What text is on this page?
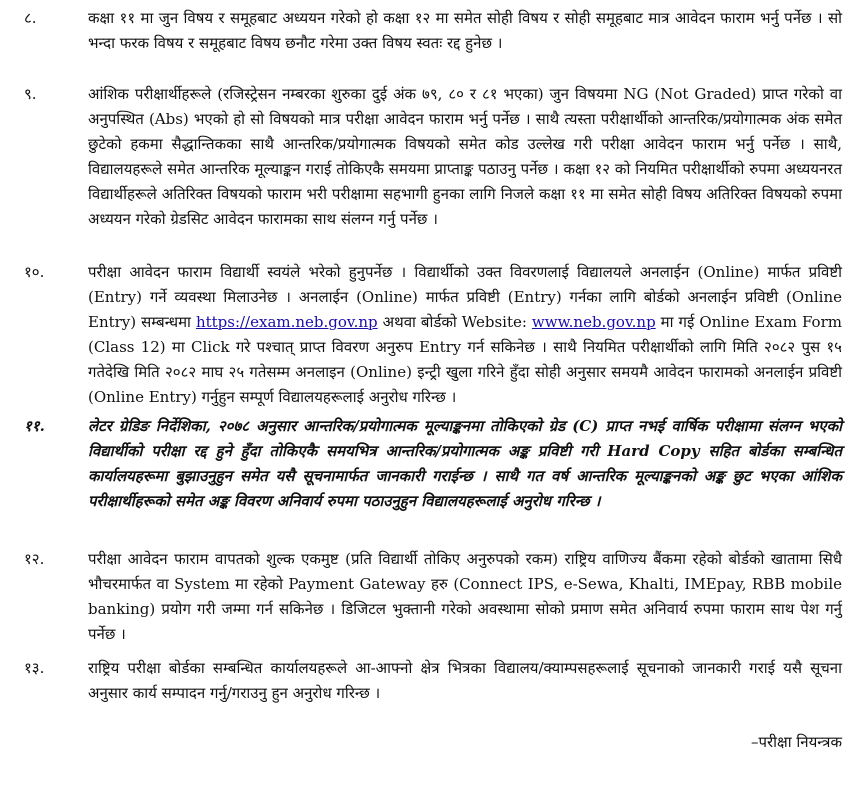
८.	कक्षा ११ मा जुन विषय र समूहबाट अध्ययन गरेको हो कक्षा १२ मा समेत सोही विषय र सोही समूहबाट मात्र आवेदन फाराम भर्नु पर्नेछ । सो भन्दा फरक विषय र समूहबाट विषय छनौट गरेमा उक्त विषय स्वतः रद्द हुनेछ ।
९.	आंशिक परीक्षार्थीहरूले (रजिस्ट्रेसन नम्बरका शुरुका दुई अंक ७९, ८० र ८१ भएका) जुन विषयमा NG (Not Graded) प्राप्त गरेको वा अनुपस्थित (Abs) भएको हो सो विषयको मात्र परीक्षा आवेदन फाराम भर्नु पर्नेछ । साथै त्यस्ता परीक्षार्थीको आन्तरिक/प्रयोगात्मक अंक समेत छुटेको हकमा सैद्धान्तिकका साथै आन्तरिक/प्रयोगात्मक विषयको समेत कोड उल्लेख गरी परीक्षा आवेदन फाराम भर्नु पर्नेछ । साथै, विद्यालयहरूले समेत आन्तरिक मूल्याङ्कन गराई तोकिएकै समयमा प्राप्ताङ्क पठाउनु पर्नेछ । कक्षा १२ को नियमित परीक्षार्थीको रुपमा अध्ययनरत विद्यार्थीहरूले अतिरिक्त विषयको फाराम भरी परीक्षामा सहभागी हुनका लागि निजले कक्षा ११ मा समेत सोही विषय अतिरिक्त विषयको रुपमा अध्ययन गरेको ग्रेडसिट आवेदन फारामका साथ संलग्न गर्नु पर्नेछ ।
१०.	परीक्षा आवेदन फाराम विद्यार्थी स्वयंले भरेको हुनुपर्नेछ । विद्यार्थीको उक्त विवरणलाई विद्यालयले अनलाईन (Online) मार्फत प्रविष्टी (Entry) गर्ने व्यवस्था मिलाउनेछ । अनलाईन (Online) मार्फत प्रविष्टी (Entry) गर्नका लागि बोर्डको अनलाईन प्रविष्टी (Online Entry) सम्बन्धमा https://exam.neb.gov.np अथवा बोर्डको Website: www.neb.gov.np मा गई Online Exam Form (Class 12) मा Click गरे पश्चात् प्राप्त विवरण अनुरुप Entry गर्न सकिनेछ । साथै नियमित परीक्षार्थीको लागि मिति २०८२ पुस १५ गतेदेखि मिति २०८२ माघ २५ गतेसम्म अनलाइन (Online) इन्ट्री खुला गरिने हुँदा सोही अनुसार समयमै आवेदन फारामको अनलाईन प्रविष्टी (Online Entry) गर्नुहुन सम्पूर्ण विद्यालयहरूलाई अनुरोध गरिन्छ ।
११.	लेटर ग्रेडिङ निर्देशिका, २०७८ अनुसार आन्तरिक/प्रयोगात्मक मूल्याङ्कनमा तोकिएको ग्रेड (C) प्राप्त नभई वार्षिक परीक्षामा संलग्न भएको विद्यार्थीको परीक्षा रद्द हुने हुँदा तोकिएकै समयभित्र आन्तरिक/प्रयोगात्मक अङ्क प्रविष्टी गरी Hard Copy सहित बोर्डका सम्बन्धित कार्यालयहरूमा बुझाउनुहुन समेत यसै सूचनामार्फत जानकारी गराईन्छ । साथै गत वर्ष आन्तरिक मूल्याङ्कनको अङ्क छुट भएका आंशिक परीक्षार्थीहरूको समेत अङ्क विवरण अनिवार्य रुपमा पठाउनुहुन विद्यालयहरूलाई अनुरोध गरिन्छ ।
१२.	परीक्षा आवेदन फाराम वापतको शुल्क एकमुष्ट (प्रति विद्यार्थी तोकिए अनुरुपको रकम) राष्ट्रिय वाणिज्य बैंकमा रहेको बोर्डको खातामा सिधै भौचरमार्फत वा System मा रहेको Payment Gateway हरु (Connect IPS, e-Sewa, Khalti, IMEpay, RBB mobile banking) प्रयोग गरी जम्मा गर्न सकिनेछ । डिजिटल भुक्तानी गरेको अवस्थामा सोको प्रमाण समेत अनिवार्य रुपमा फाराम साथ पेश गर्नु पर्नेछ ।
१३.	राष्ट्रिय परीक्षा बोर्डका सम्बन्धित कार्यालयहरूले आ-आफ्नो क्षेत्र भित्रका विद्यालय/क्याम्पसहरूलाई सूचनाको जानकारी गराई यसै सूचना अनुसार कार्य सम्पादन गर्नु/गराउनु हुन अनुरोध गरिन्छ ।
–परीक्षा नियन्त्रक
